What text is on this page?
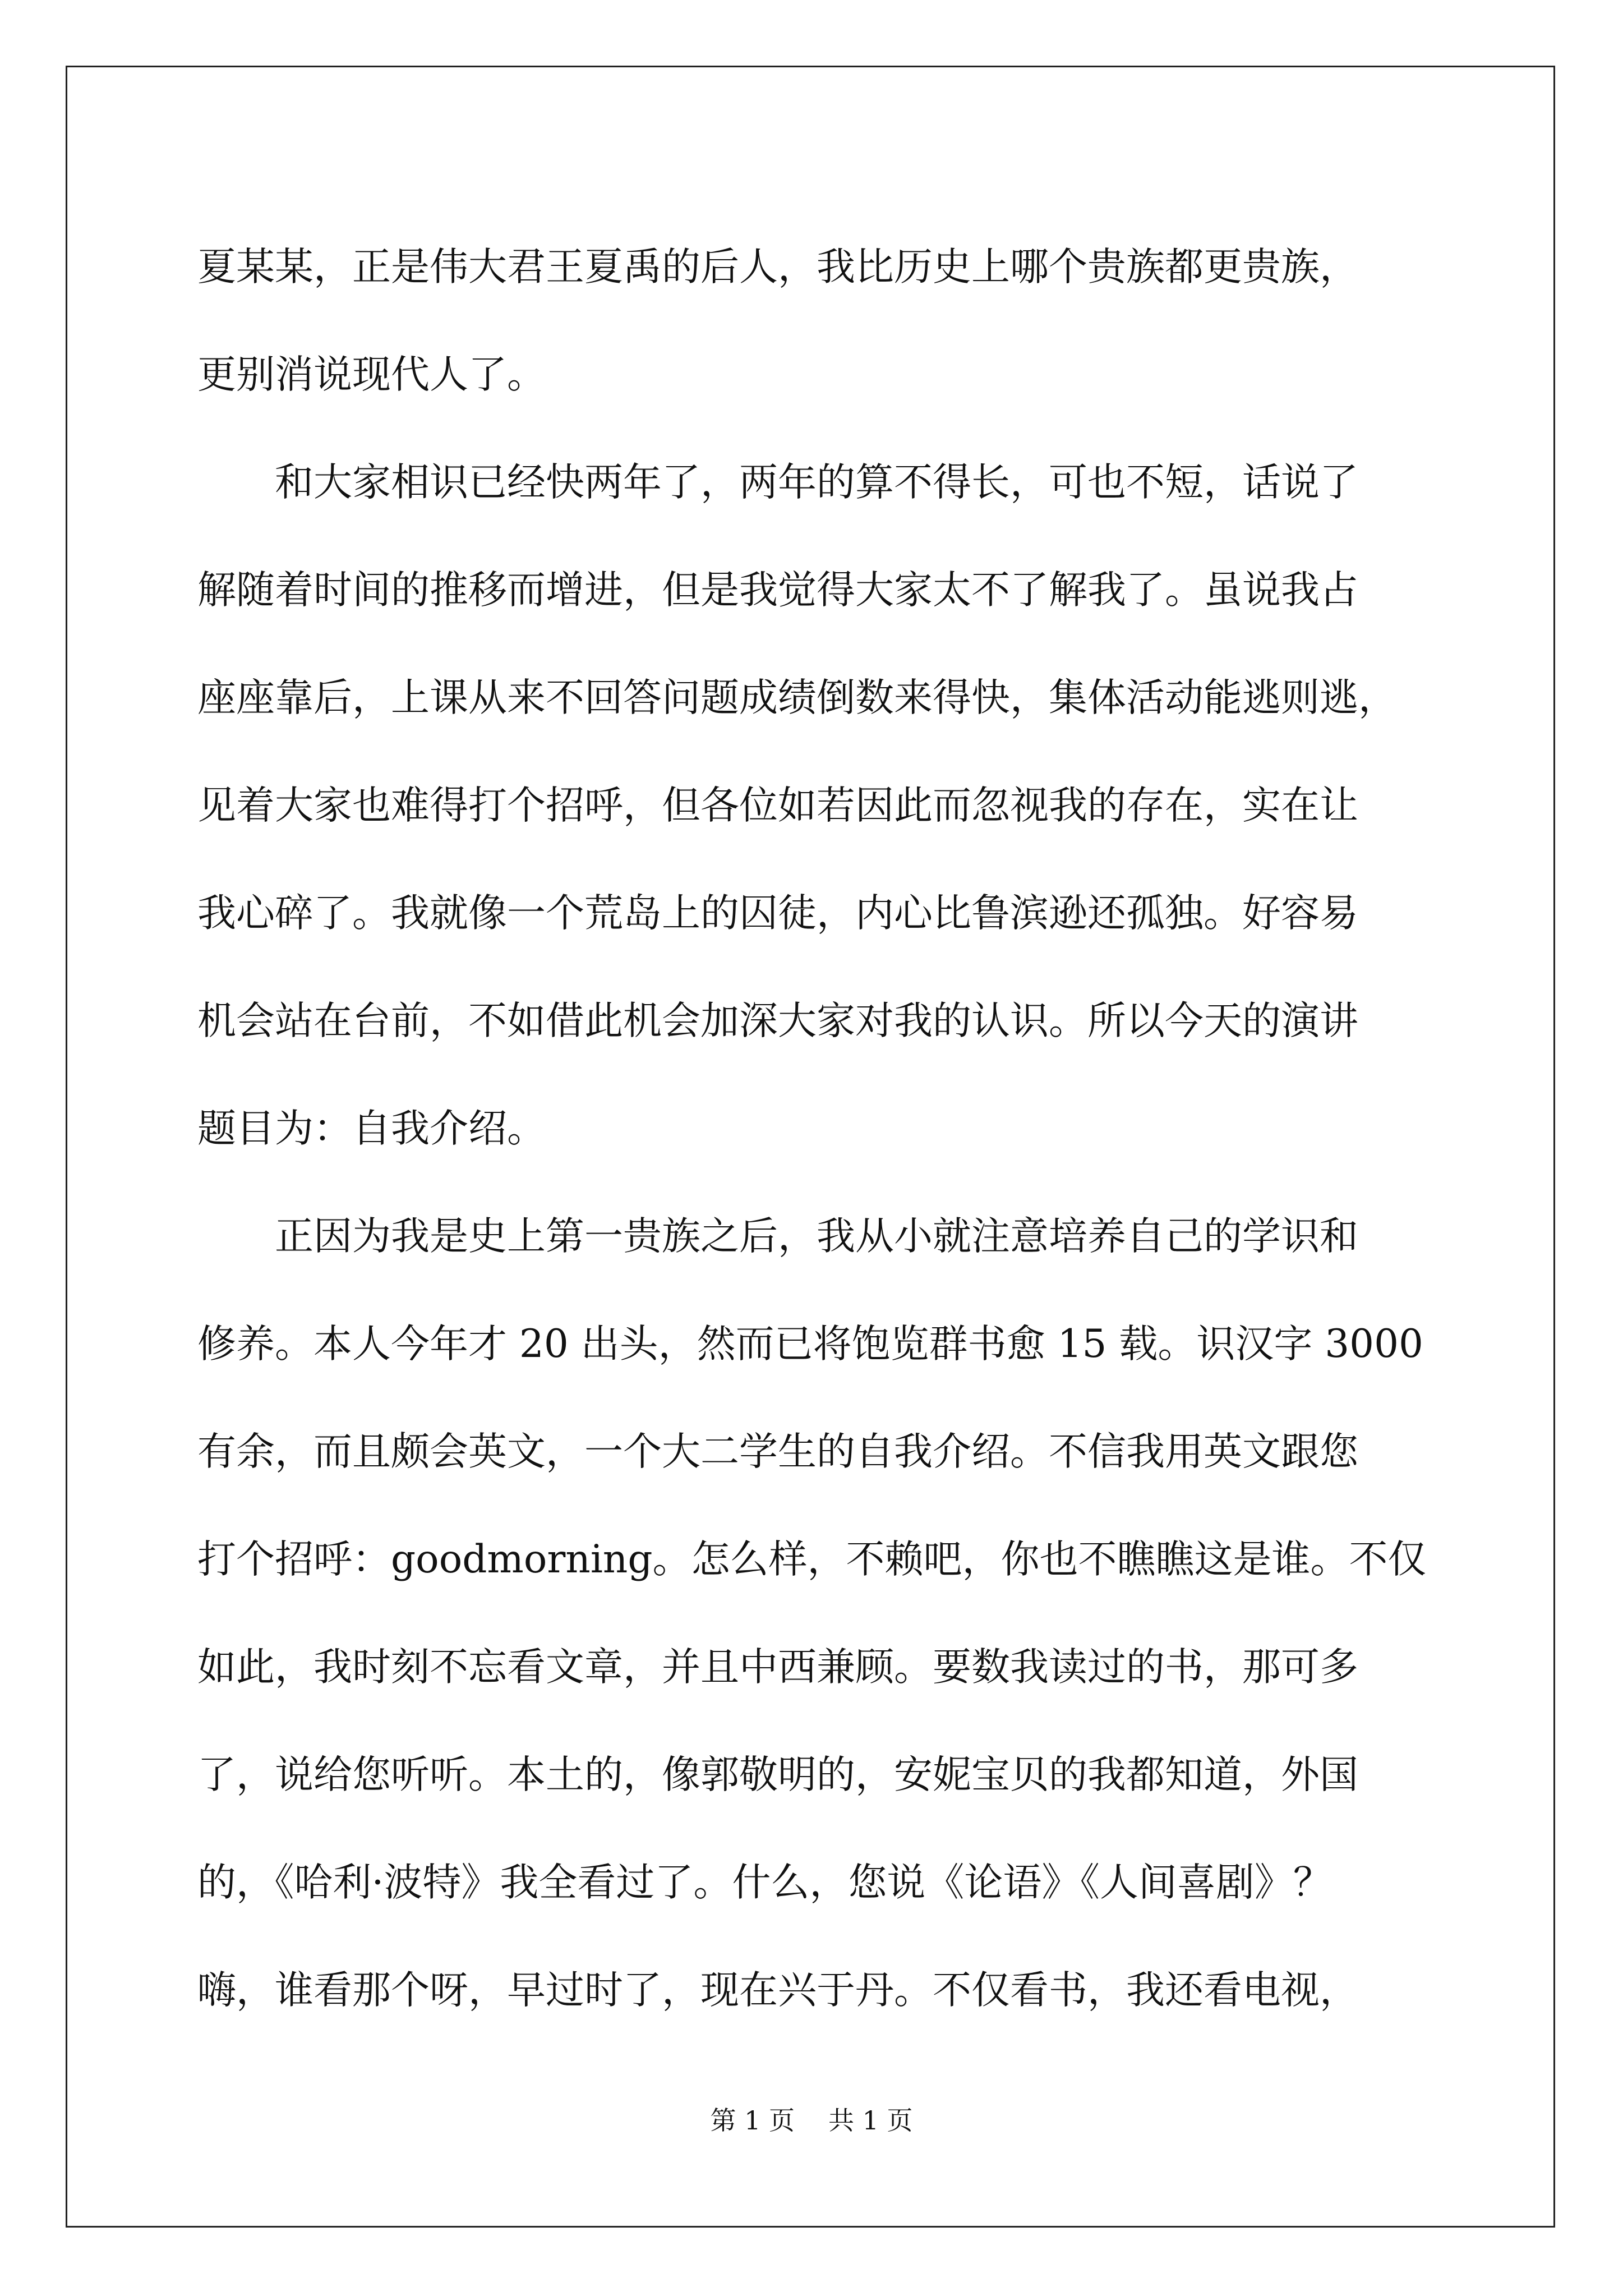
夏某某，正是伟大君王夏禹的后人，我比历史上哪个贵族都更贵族，
更别消说现代人了。
　　和大家相识已经快两年了，两年的算不得长，可也不短，话说了
解随着时间的推移而增进，但是我觉得大家太不了解我了。虽说我占
座座靠后，上课从来不回答问题成绩倒数来得快，集体活动能逃则逃，
见着大家也难得打个招呼，但各位如若因此而忽视我的存在，实在让
我心碎了。我就像一个荒岛上的囚徒，内心比鲁滨逊还孤独。好容易
机会站在台前，不如借此机会加深大家对我的认识。所以今天的演讲
题目为：自我介绍。
　　正因为我是史上第一贵族之后，我从小就注意培养自己的学识和
修养。本人今年才 20 出头，然而已将饱览群书愈 15 载。识汉字 3000
有余，而且颇会英文，一个大二学生的自我介绍。不信我用英文跟您
打个招呼：goodmorning。怎么样，不赖吧，你也不瞧瞧这是谁。不仅
如此，我时刻不忘看文章，并且中西兼顾。要数我读过的书，那可多
了，说给您听听。本土的，像郭敬明的，安妮宝贝的我都知道，外国
的，《哈利·波特》我全看过了。什么，您说《论语》《人间喜剧》？
嗨，谁看那个呀，早过时了，现在兴于丹。不仅看书，我还看电视，
第 1 页 共 1 页
